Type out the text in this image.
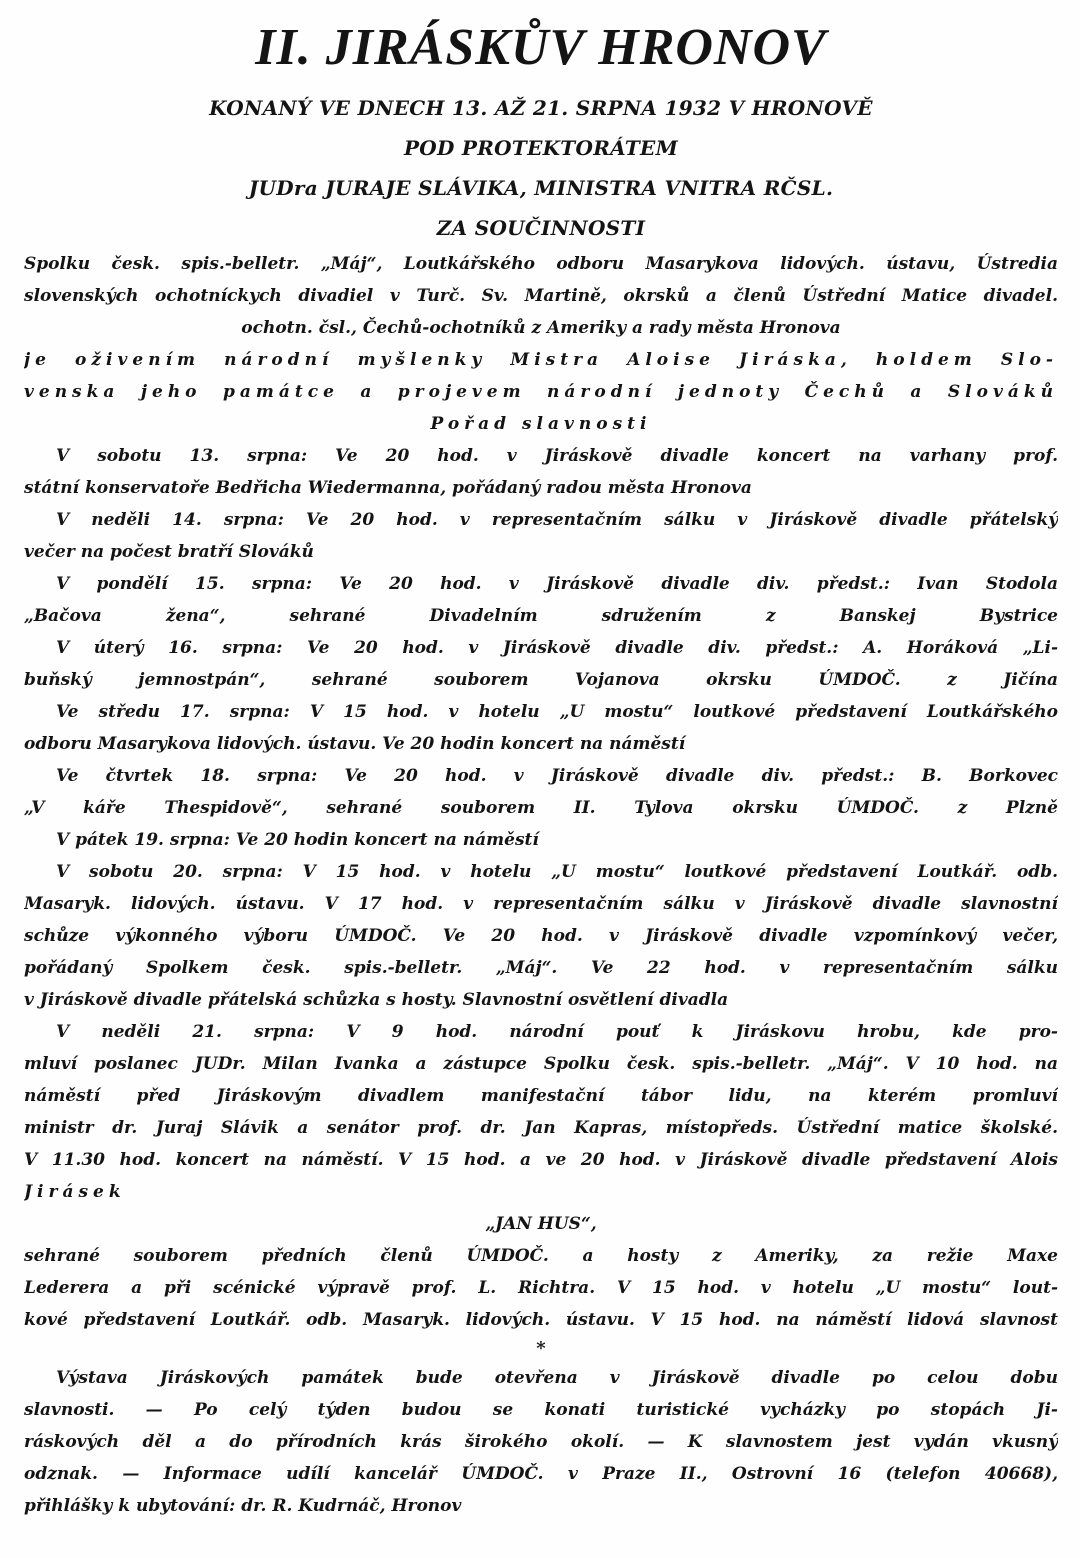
II. JIRÁSKŮV HRONOV
KONANÝ VE DNECH 13. AŽ 21. SRPNA 1932 V HRONOVĚ
POD PROTEKTORÁTEM
JUDra JURAJE SLÁVIKA, MINISTRA VNITRA RČSL.
ZA SOUČINNOSTI

Spolku česk. spis.-belletr. „Máj“, Loutkářského odboru Masarykova lidových. ústavu, Ústredia
slovenských ochotníckych divadiel v Turč. Sv. Martině, okrsků a členů Ústřední Matice divadel.
ochotn. čsl., Čechů-ochotníků z Ameriky a rady města Hronova

je oživením národní myšlenky Mistra Aloise Jiráska, holdem Slo-
venska jeho památce a projevem národní jednoty Čechů a Slováků

Pořad slavnosti

V sobotu 13. srpna: Ve 20 hod. v Jiráskově divadle koncert na varhany prof.
státní konservatoře Bedřicha Wiedermanna, pořádaný radou města Hronova

V neděli 14. srpna: Ve 20 hod. v representačním sálku v Jiráskově divadle přátelský
večer na počest bratří Slováků

V pondělí 15. srpna: Ve 20 hod. v Jiráskově divadle div. předst.: Ivan Stodola
„Bačova žena“, sehrané Divadelním sdružením z Banskej Bystrice

V úterý 16. srpna: Ve 20 hod. v Jiráskově divadle div. předst.: A. Horáková „Li-
buňský jemnostpán“, sehrané souborem Vojanova okrsku ÚMDOČ. z Jičína

Ve středu 17. srpna: V 15 hod. v hotelu „U mostu“ loutkové představení Loutkářského
odboru Masarykova lidových. ústavu. Ve 20 hodin koncert na náměstí

Ve čtvrtek 18. srpna: Ve 20 hod. v Jiráskově divadle div. předst.: B. Borkovec
„V káře Thespidově“, sehrané souborem II. Tylova okrsku ÚMDOČ. z Plzně

V pátek 19. srpna: Ve 20 hodin koncert na náměstí

V sobotu 20. srpna: V 15 hod. v hotelu „U mostu“ loutkové představení Loutkář. odb.
Masaryk. lidových. ústavu. V 17 hod. v representačním sálku v Jiráskově divadle slavnostní
schůze výkonného výboru ÚMDOČ. Ve 20 hod. v Jiráskově divadle vzpomínkový večer,
pořádaný Spolkem česk. spis.-belletr. „Máj“. Ve 22 hod. v representačním sálku
v Jiráskově divadle přátelská schůzka s hosty. Slavnostní osvětlení divadla

V neděli 21. srpna: V 9 hod. národní pouť k Jiráskovu hrobu, kde pro-
mluví poslanec JUDr. Milan Ivanka a zástupce Spolku česk. spis.-belletr. „Máj“. V 10 hod. na
náměstí před Jiráskovým divadlem manifestační tábor lidu, na kterém promluví
ministr dr. Juraj Slávik a senátor prof. dr. Jan Kapras, místopředs. Ústřední matice školské.
V 11.30 hod. koncert na náměstí. V 15 hod. a ve 20 hod. v Jiráskově divadle představení Alois
Jirásek

„JAN HUS“,

sehrané souborem předních členů ÚMDOČ. a hosty z Ameriky, za režie Maxe
Lederera a při scénické výpravě prof. L. Richtra. V 15 hod. v hotelu „U mostu“ lout-
kové představení Loutkář. odb. Masaryk. lidových. ústavu. V 15 hod. na náměstí lidová slavnost

*

Výstava Jiráskových památek bude otevřena v Jiráskově divadle po celou dobu
slavnosti. — Po celý týden budou se konati turistické vycházky po stopách Ji-
ráskových děl a do přírodních krás širokého okolí. — K slavnostem jest vydán vkusný
odznak. — Informace udílí kancelář ÚMDOČ. v Praze II., Ostrovní 16 (telefon 40668),
přihlášky k ubytování: dr. R. Kudrnáč, Hronov
